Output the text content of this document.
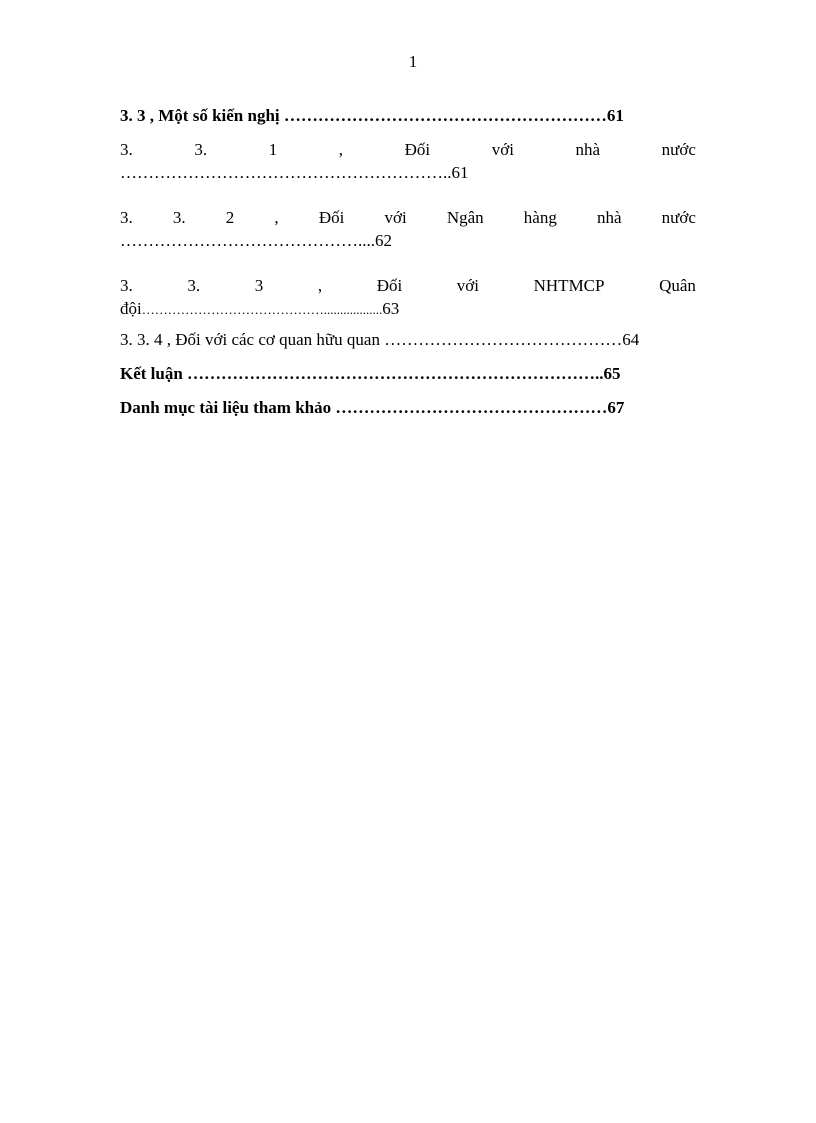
1
3. 3 , Một số kiến nghị …………………………………………………61
3.	3.	1	,	Đối	với	nhà	nước
…………………………………………………..61
3. 3. 2 , Đối với Ngân hàng nhà nước
……………………………………....62
3.	3.	3	,	Đối	với	NHTMCP	Quân
đội……………………………………..................63
3. 3. 4 , Đối với các cơ quan hữu quan ……………………………………64
Kết luận ………………………………………………………………..65
Danh mục tài liệu tham khảo …………………………………………67
